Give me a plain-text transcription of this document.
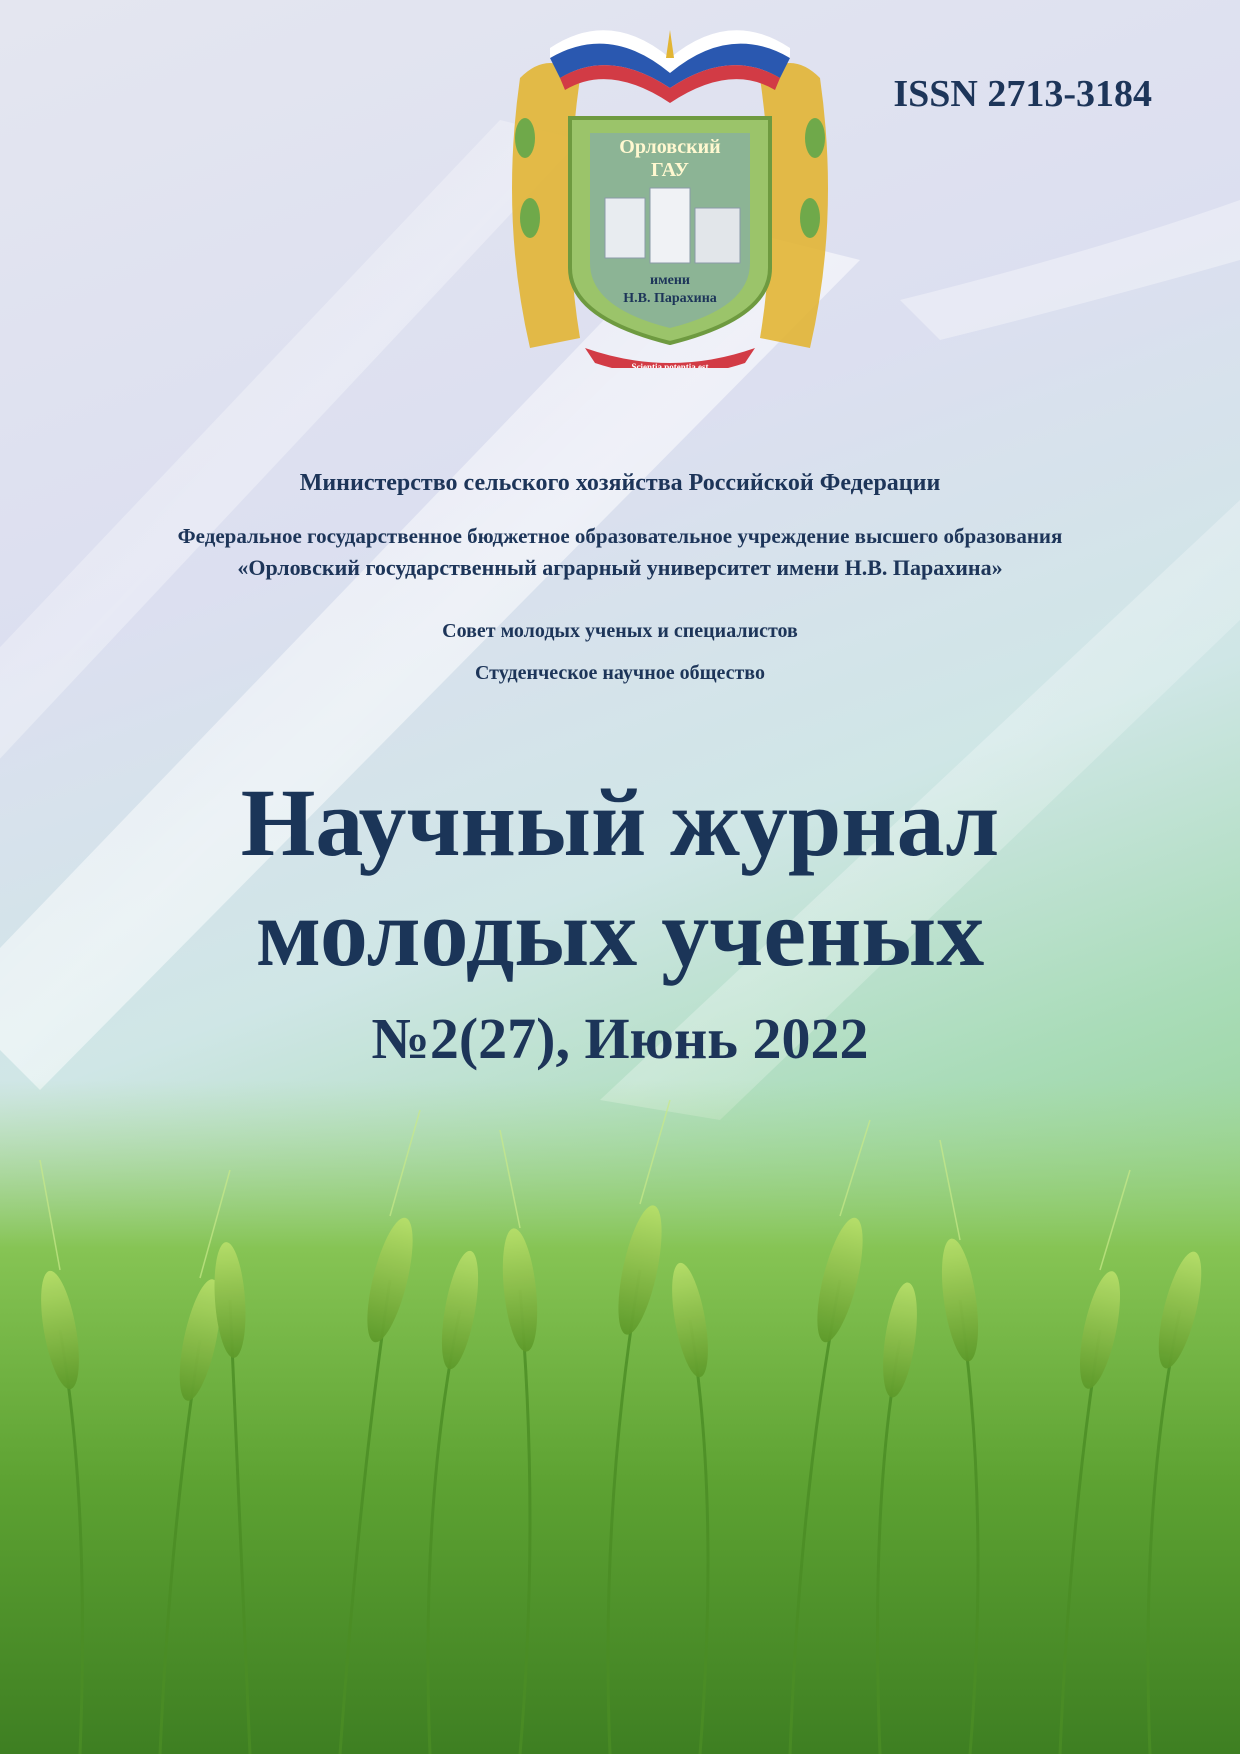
Орловский
ГАУ
имени
Н.В. Парахина
Scientia potentia est
ISSN 2713-3184
Министерство сельского хозяйства Российской Федерации
Федеральное государственное бюджетное образовательное учреждение высшего образования
«Орловский государственный аграрный университет имени Н.В. Парахина»
Совет молодых ученых и специалистов
Студенческое научное общество
Научный журнал
молодых ученых
№2(27), Июнь 2022
